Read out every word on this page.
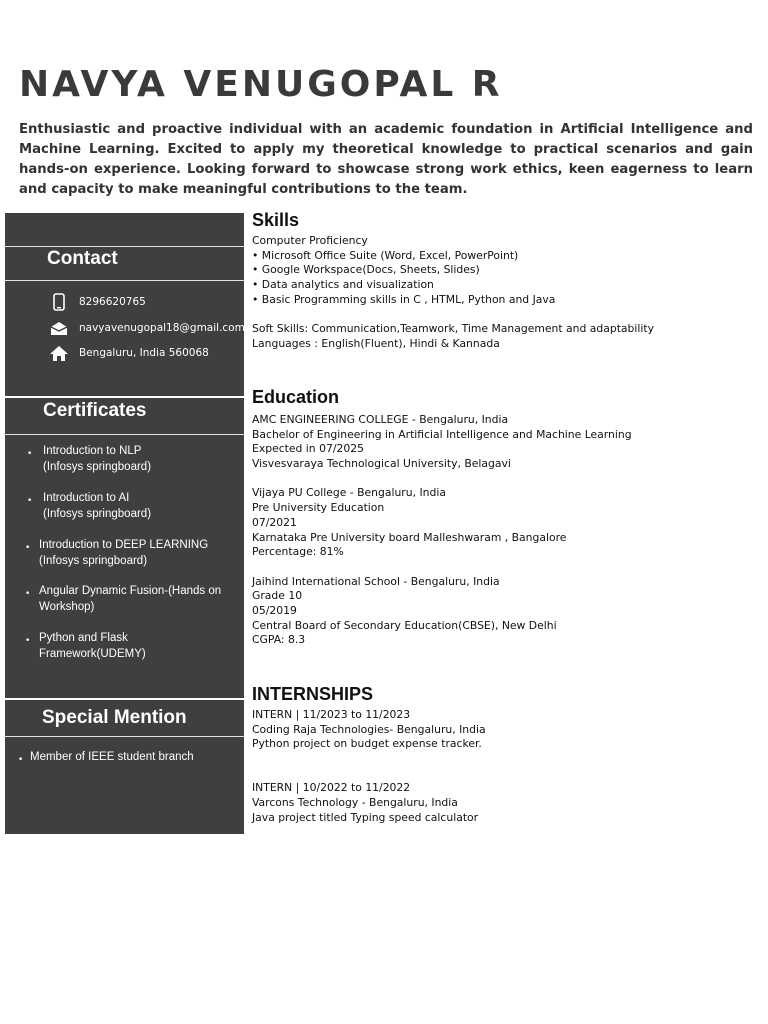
NAVYA VENUGOPAL R

Enthusiastic and proactive individual with an academic foundation in Artificial Intelligence and Machine Learning. Excited to apply my theoretical knowledge to practical scenarios and gain hands-on experience. Looking forward to showcase strong work ethics, keen eagerness to learn and capacity to make meaningful contributions to the team.

Contact
8296620765
navyavenugopal18@gmail.com
Bengaluru, India 560068
Certificates
• Introduction to NLP
(Infosys springboard)
• Introduction to AI
(Infosys springboard)
• Introduction to DEEP LEARNING
(Infosys springboard)
• Angular Dynamic Fusion-(Hands on
Workshop)
• Python and Flask
Framework(UDEMY)
Special Mention
• Member of IEEE student branch
Skills
Computer Proficiency
• Microsoft Office Suite (Word, Excel, PowerPoint)
• Google Workspace(Docs, Sheets, Slides)
• Data analytics and visualization
• Basic Programming skills in C , HTML, Python and Java
Soft Skills: Communication,Teamwork, Time Management and adaptability
Languages : English(Fluent), Hindi & Kannada
Education
AMC ENGINEERING COLLEGE - Bengaluru, India
Bachelor of Engineering in Artificial Intelligence and Machine Learning
Expected in 07/2025
Visvesvaraya Technological University, Belagavi
Vijaya PU College - Bengaluru, India
Pre University Education
07/2021
Karnataka Pre University board Malleshwaram , Bangalore
Percentage: 81%
Jaihind International School - Bengaluru, India
Grade 10
05/2019
Central Board of Secondary Education(CBSE), New Delhi
CGPA: 8.3
INTERNSHIPS
INTERN | 11/2023 to 11/2023
Coding Raja Technologies- Bengaluru, India
Python project on budget expense tracker.
INTERN | 10/2022 to 11/2022
Varcons Technology - Bengaluru, India
Java project titled Typing speed calculator
